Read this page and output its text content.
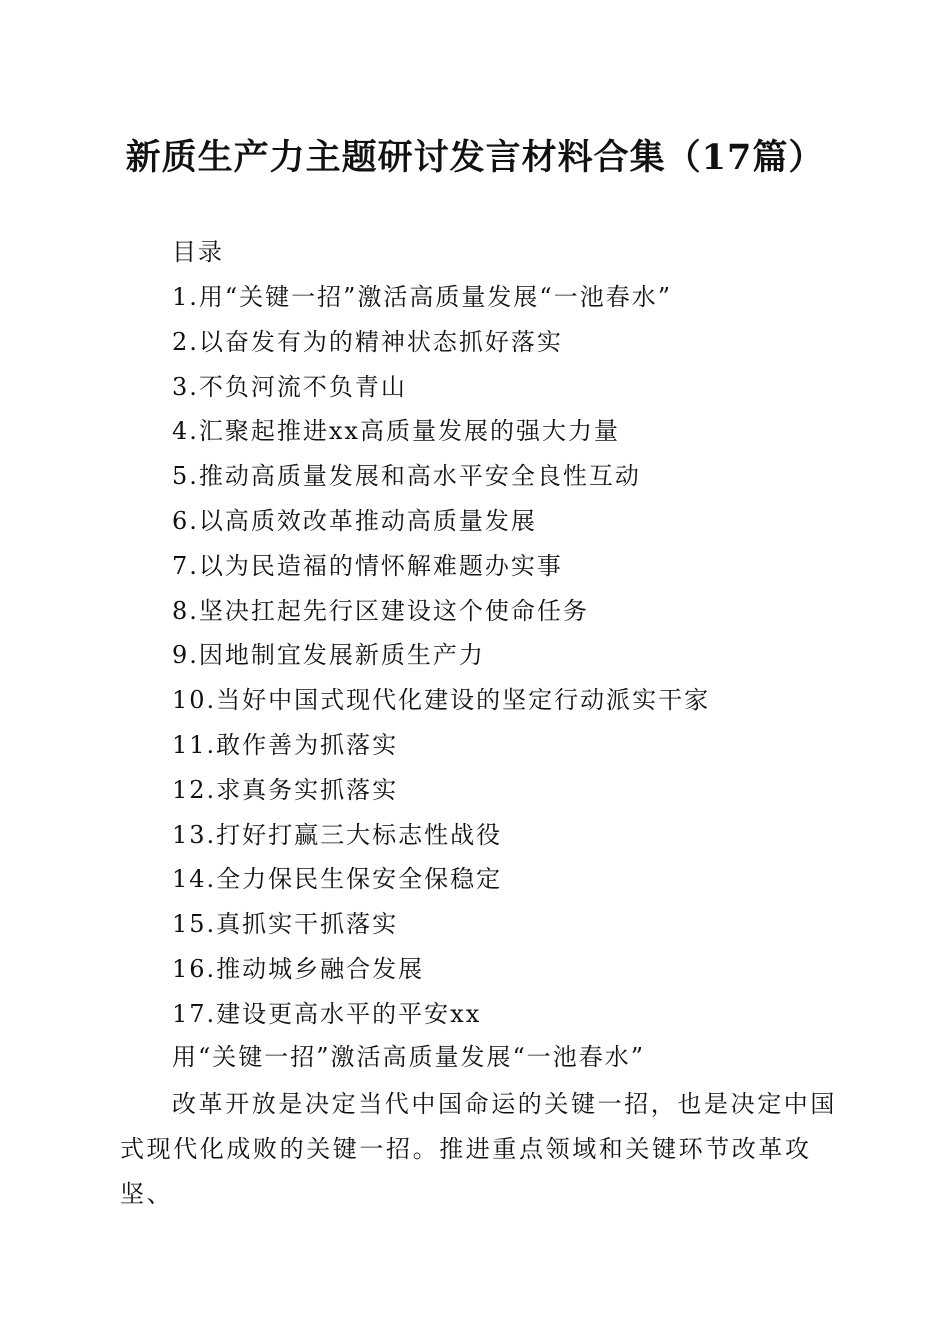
新质生产力主题研讨发言材料合集（17篇）
目录
1.用“关键一招”激活高质量发展“一池春水”
2.以奋发有为的精神状态抓好落实
3.不负河流不负青山
4.汇聚起推进xx高质量发展的强大力量
5.推动高质量发展和高水平安全良性互动
6.以高质效改革推动高质量发展
7.以为民造福的情怀解难题办实事
8.坚决扛起先行区建设这个使命任务
9.因地制宜发展新质生产力
10.当好中国式现代化建设的坚定行动派实干家
11.敢作善为抓落实
12.求真务实抓落实
13.打好打赢三大标志性战役
14.全力保民生保安全保稳定
15.真抓实干抓落实
16.推动城乡融合发展
17.建设更高水平的平安xx
用“关键一招”激活高质量发展“一池春水”

改革开放是决定当代中国命运的关键一招，也是决定中国式现代化成败的关键一招。推进重点领域和关键环节改革攻坚、
